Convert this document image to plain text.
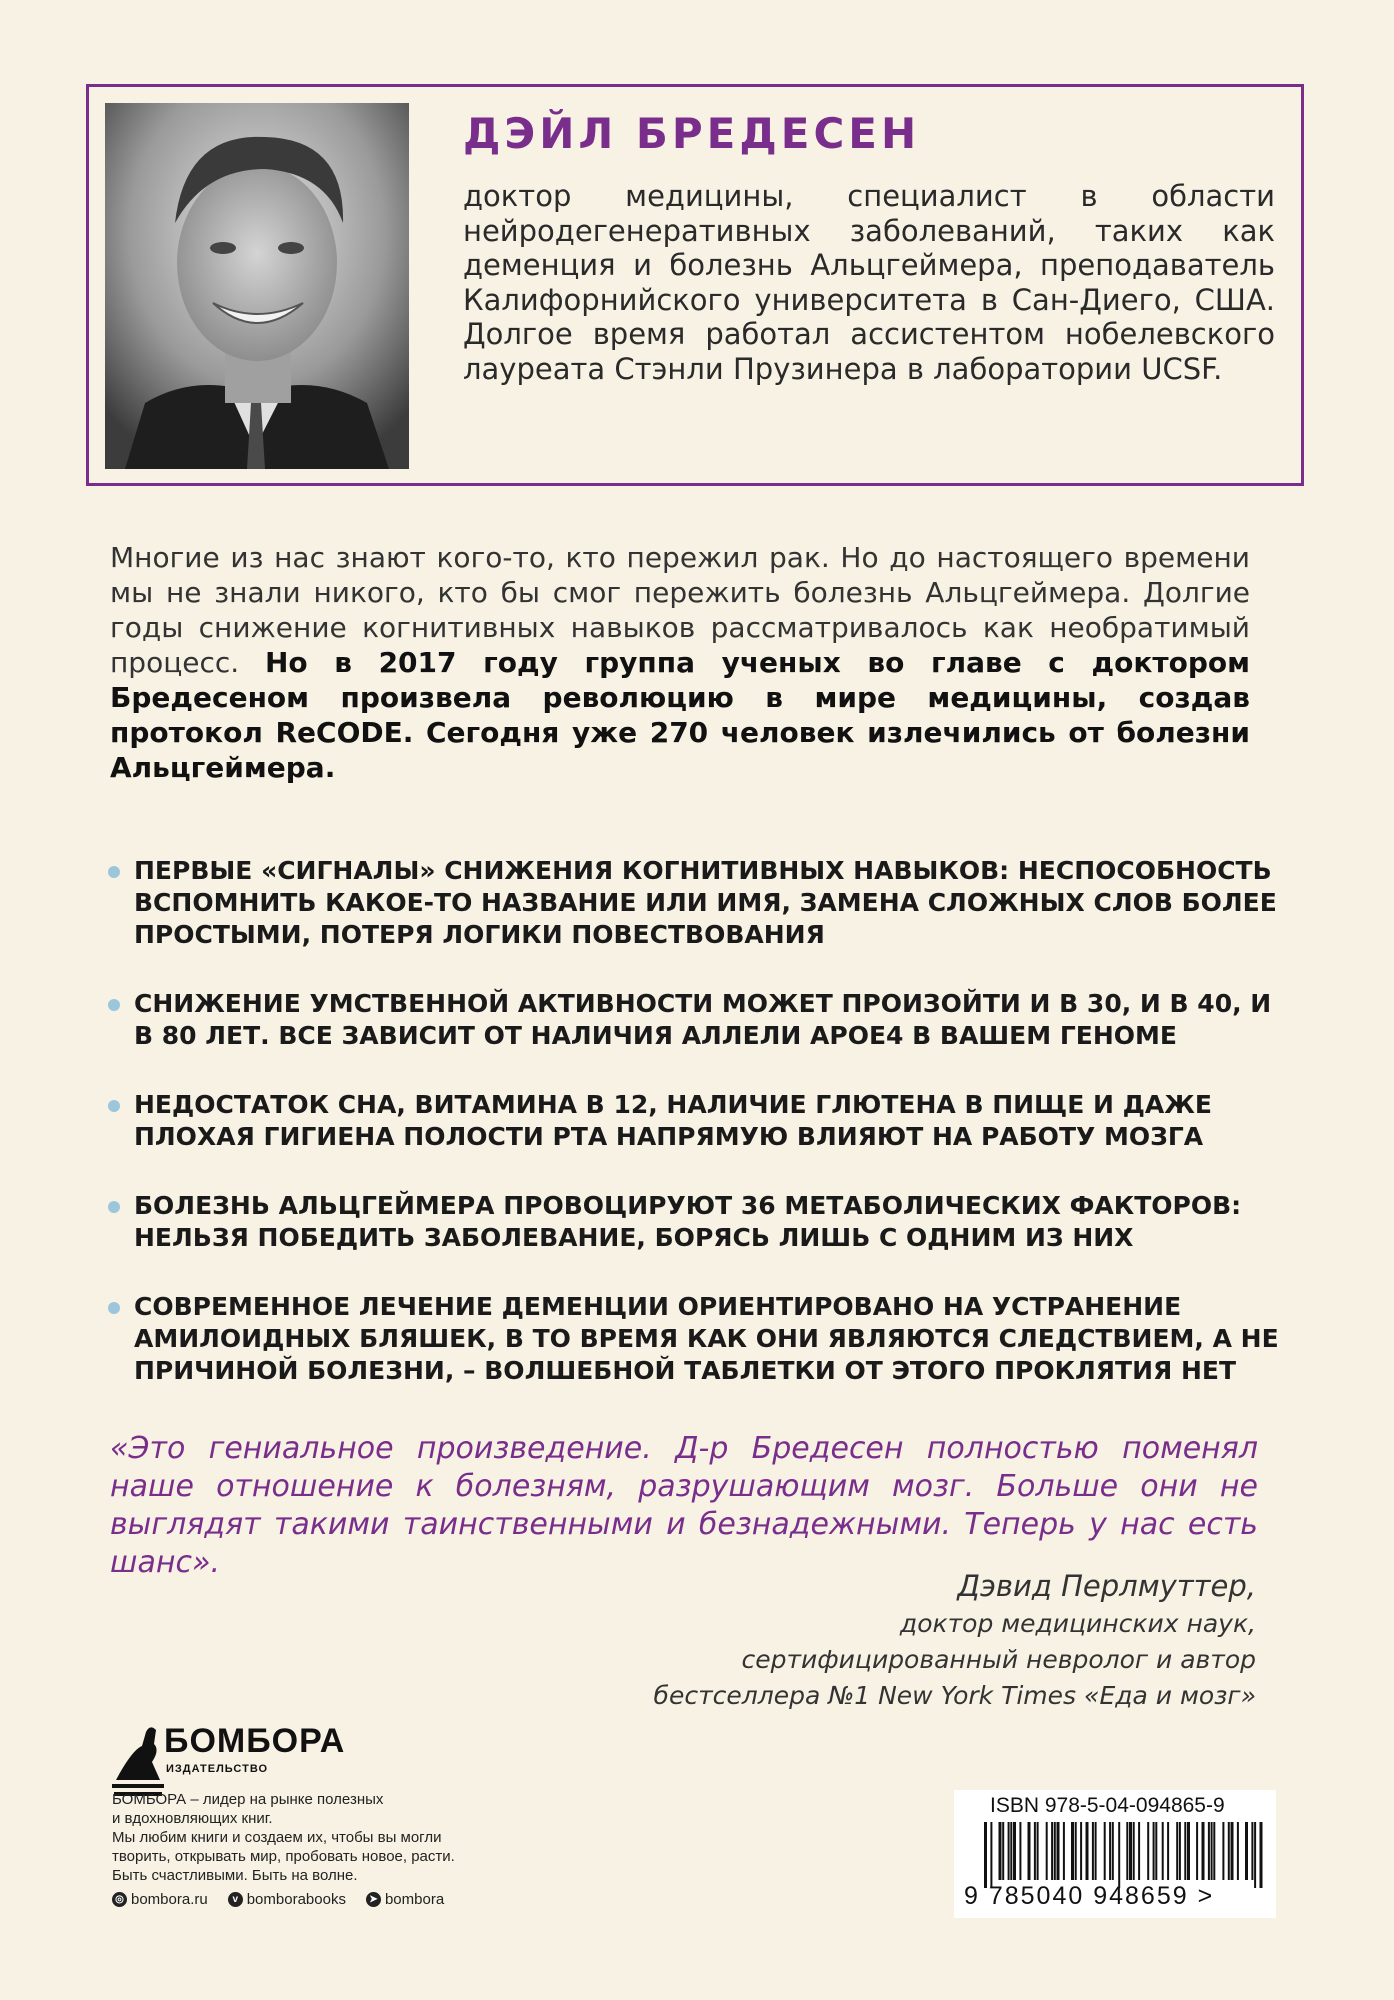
ДЭЙЛ БРЕДЕСЕН
доктор медицины, специалист в области нейродегенеративных заболеваний, таких как деменция и болезнь Альцгеймера, преподаватель Калифорнийского университета в Сан-Диего, США. Долгое время работал ассистентом нобелевского лауреата Стэнли Прузинера в лаборатории UCSF.
Многие из нас знают кого-то, кто пережил рак. Но до настоящего времени мы не знали никого, кто бы смог пережить болезнь Альцгеймера. Долгие годы снижение когнитивных навыков рассматривалось как необратимый процесс. Но в 2017 году группа ученых во главе с доктором Бредесеном произвела революцию в мире медицины, создав протокол ReCODE. Сегодня уже 270 человек излечились от болезни Альцгеймера.
ПЕРВЫЕ «СИГНАЛЫ» СНИЖЕНИЯ КОГНИТИВНЫХ НАВЫКОВ: НЕСПОСОБНОСТЬ ВСПОМНИТЬ КАКОЕ-ТО НАЗВАНИЕ ИЛИ ИМЯ, ЗАМЕНА СЛОЖНЫХ СЛОВ БОЛЕЕ ПРОСТЫМИ, ПОТЕРЯ ЛОГИКИ ПОВЕСТВОВАНИЯ
СНИЖЕНИЕ УМСТВЕННОЙ АКТИВНОСТИ МОЖЕТ ПРОИЗОЙТИ И В 30, И В 40, И В 80 ЛЕТ. ВСЕ ЗАВИСИТ ОТ НАЛИЧИЯ АЛЛЕЛИ АРОЕ4 В ВАШЕМ ГЕНОМЕ
НЕДОСТАТОК СНА, ВИТАМИНА В 12, НАЛИЧИЕ ГЛЮТЕНА В ПИЩЕ И ДАЖЕ ПЛОХАЯ ГИГИЕНА ПОЛОСТИ РТА НАПРЯМУЮ ВЛИЯЮТ НА РАБОТУ МОЗГА
БОЛЕЗНЬ АЛЬЦГЕЙМЕРА ПРОВОЦИРУЮТ 36 МЕТАБОЛИЧЕСКИХ ФАКТОРОВ: НЕЛЬЗЯ ПОБЕДИТЬ ЗАБОЛЕВАНИЕ, БОРЯСЬ ЛИШЬ С ОДНИМ ИЗ НИХ
СОВРЕМЕННОЕ ЛЕЧЕНИЕ ДЕМЕНЦИИ ОРИЕНТИРОВАНО НА УСТРАНЕНИЕ АМИЛОИДНЫХ БЛЯШЕК, В ТО ВРЕМЯ КАК ОНИ ЯВЛЯЮТСЯ СЛЕДСТВИЕМ, А НЕ ПРИЧИНОЙ БОЛЕЗНИ, – ВОЛШЕБНОЙ ТАБЛЕТКИ ОТ ЭТОГО ПРОКЛЯТИЯ НЕТ
«Это гениальное произведение. Д-р Бредесен полностью поменял наше отношение к болезням, разрушающим мозг. Больше они не выглядят такими таинственными и безнадежными. Теперь у нас есть шанс».
Дэвид Перлмуттер,
доктор медицинских наук,
сертифицированный невролог и автор
бестселлера №1 New York Times «Еда и мозг»
БОМБОРА
ИЗДАТЕЛЬСТВО
БОМБОРА – лидер на рынке полезных
и вдохновляющих книг.
Мы любим книги и создаем их, чтобы вы могли
творить, открывать мир, пробовать новое, расти.
Быть счастливыми. Быть на волне.
◎ bombora.ru	v bomborabooks	➤ bombora
ISBN 978-5-04-094865-9
9 785040 948659 >
